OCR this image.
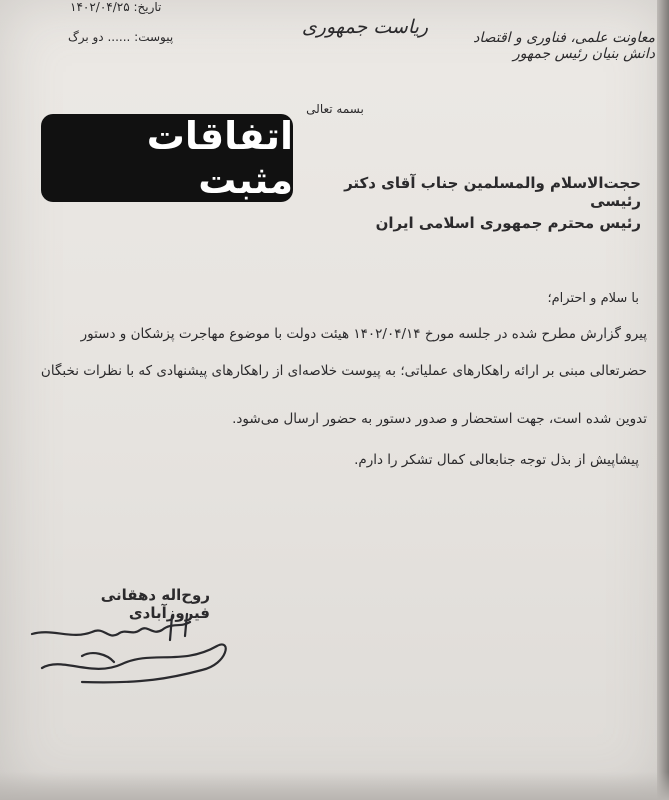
تاريخ: ۱۴۰۲/۰۴/۲۵
پيوست: ...... دو برگ	رياست جمهوری	معاونت علمی، فناوری و اقتصاد دانش بنيان رئيس جمهور
بسمه تعالی
اتفاقات مثبت	حجت‌الاسلام والمسلمین جناب آقای دکتر رئیسی
رئیس محترم جمهوری اسلامی ایران
با سلام و احترام؛
پیرو گزارش مطرح شده در جلسه مورخ ۱۴۰۲/۰۴/۱۴ هیئت دولت با موضوع مهاجرت پزشکان و دستور
حضرتعالی مبنی بر ارائه راهکارهای عملیاتی؛ به پیوست خلاصه‌ای از راهکارهای پیشنهادی که با نظرات نخبگان
تدوین شده است، جهت استحضار و صدور دستور به حضور ارسال می‌شود.
پیشاپیش از بذل توجه جنابعالی کمال تشکر را دارم.
روح‌اله دهقانی فیروزآبادی
